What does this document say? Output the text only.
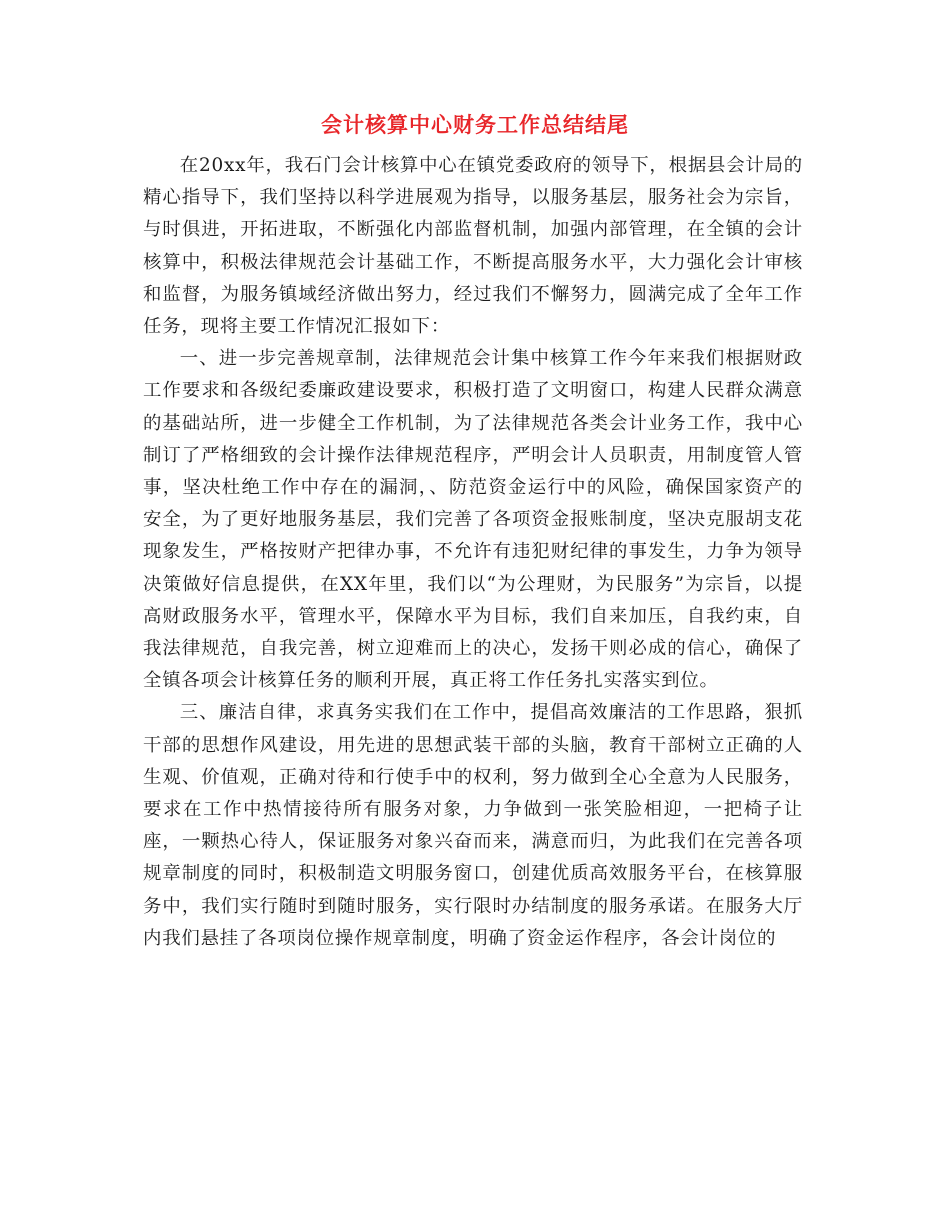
会计核算中心财务工作总结结尾

在20xx年，我石门会计核算中心在镇党委政府的领导下，根据县会计局的精心指导下，我们坚持以科学进展观为指导，以服务基层，服务社会为宗旨，与时俱进，开拓进取，不断强化内部监督机制，加强内部管理，在全镇的会计核算中，积极法律规范会计基础工作，不断提高服务水平，大力强化会计审核和监督，为服务镇域经济做出努力，经过我们不懈努力，圆满完成了全年工作任务，现将主要工作情况汇报如下：

一、进一步完善规章制，法律规范会计集中核算工作今年来我们根据财政工作要求和各级纪委廉政建设要求，积极打造了文明窗口，构建人民群众满意的基础站所，进一步健全工作机制，为了法律规范各类会计业务工作，我中心制订了严格细致的会计操作法律规范程序，严明会计人员职责，用制度管人管事，坚决杜绝工作中存在的漏洞，、防范资金运行中的风险，确保国家资产的安全，为了更好地服务基层，我们完善了各项资金报账制度，坚决克服胡支花现象发生，严格按财产把律办事，不允许有违犯财纪律的事发生，力争为领导决策做好信息提供，在XX年里，我们以“为公理财，为民服务”为宗旨，以提高财政服务水平，管理水平，保障水平为目标，我们自来加压，自我约束，自我法律规范，自我完善，树立迎难而上的决心，发扬干则必成的信心，确保了全镇各项会计核算任务的顺利开展，真正将工作任务扎实落实到位。

三、廉洁自律，求真务实我们在工作中，提倡高效廉洁的工作思路，狠抓干部的思想作风建设，用先进的思想武装干部的头脑，教育干部树立正确的人生观、价值观，正确对待和行使手中的权利，努力做到全心全意为人民服务，要求在工作中热情接待所有服务对象，力争做到一张笑脸相迎，一把椅子让座，一颗热心待人，保证服务对象兴奋而来，满意而归，为此我们在完善各项规章制度的同时，积极制造文明服务窗口，创建优质高效服务平台，在核算服务中，我们实行随时到随时服务，实行限时办结制度的服务承诺。在服务大厅内我们悬挂了各项岗位操作规章制度，明确了资金运作程序，各会计岗位的
